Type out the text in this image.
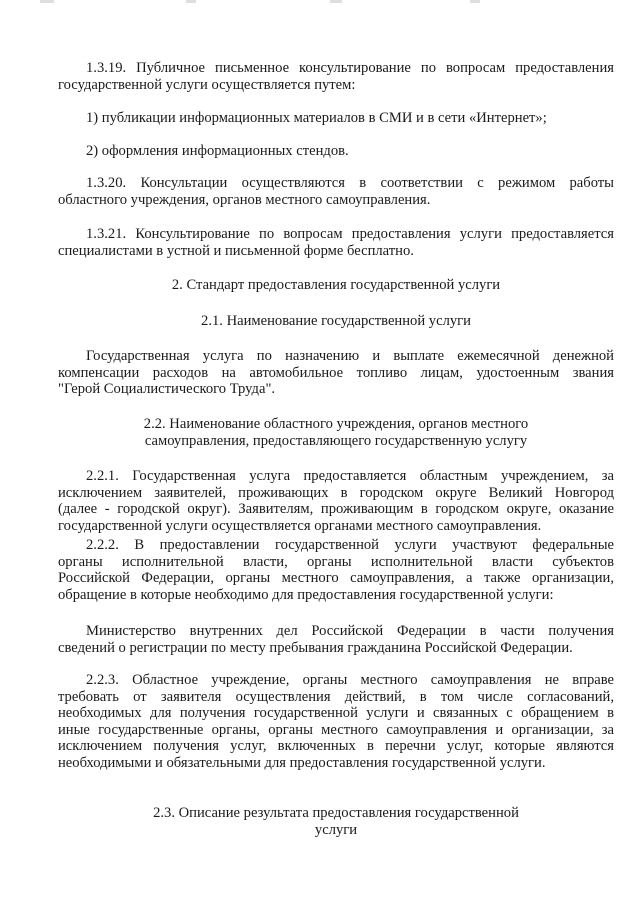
1.3.19. Публичное письменное консультирование по вопросам предоставления
государственной услуги осуществляется путем:
1) публикации информационных материалов в СМИ и в сети «Интернет»;
2) оформления информационных стендов.
1.3.20. Консультации осуществляются в соответствии с режимом работы
областного учреждения, органов местного самоуправления.
1.3.21. Консультирование по вопросам предоставления услуги предоставляется
специалистами в устной и письменной форме бесплатно.
2. Стандарт предоставления государственной услуги
2.1. Наименование государственной услуги
Государственная услуга по назначению и выплате ежемесячной денежной
компенсации расходов на автомобильное топливо лицам, удостоенным звания
"Герой Социалистического Труда".
2.2. Наименование областного учреждения, органов местного
самоуправления, предоставляющего государственную услугу
2.2.1. Государственная услуга предоставляется областным учреждением, за
исключением заявителей, проживающих в городском округе Великий Новгород
(далее - городской округ). Заявителям, проживающим в городском округе, оказание
государственной услуги осуществляется органами местного самоуправления.
2.2.2. В предоставлении государственной услуги участвуют федеральные
органы исполнительной власти, органы исполнительной власти субъектов
Российской Федерации, органы местного самоуправления, а также организации,
обращение в которые необходимо для предоставления государственной услуги:
Министерство внутренних дел Российской Федерации в части получения
сведений о регистрации по месту пребывания гражданина Российской Федерации.
2.2.3. Областное учреждение, органы местного самоуправления не вправе
требовать от заявителя осуществления действий, в том числе согласований,
необходимых для получения государственной услуги и связанных с обращением в
иные государственные органы, органы местного самоуправления и организации, за
исключением получения услуг, включенных в перечни услуг, которые являются
необходимыми и обязательными для предоставления государственной услуги.
2.3. Описание результата предоставления государственной
услуги
